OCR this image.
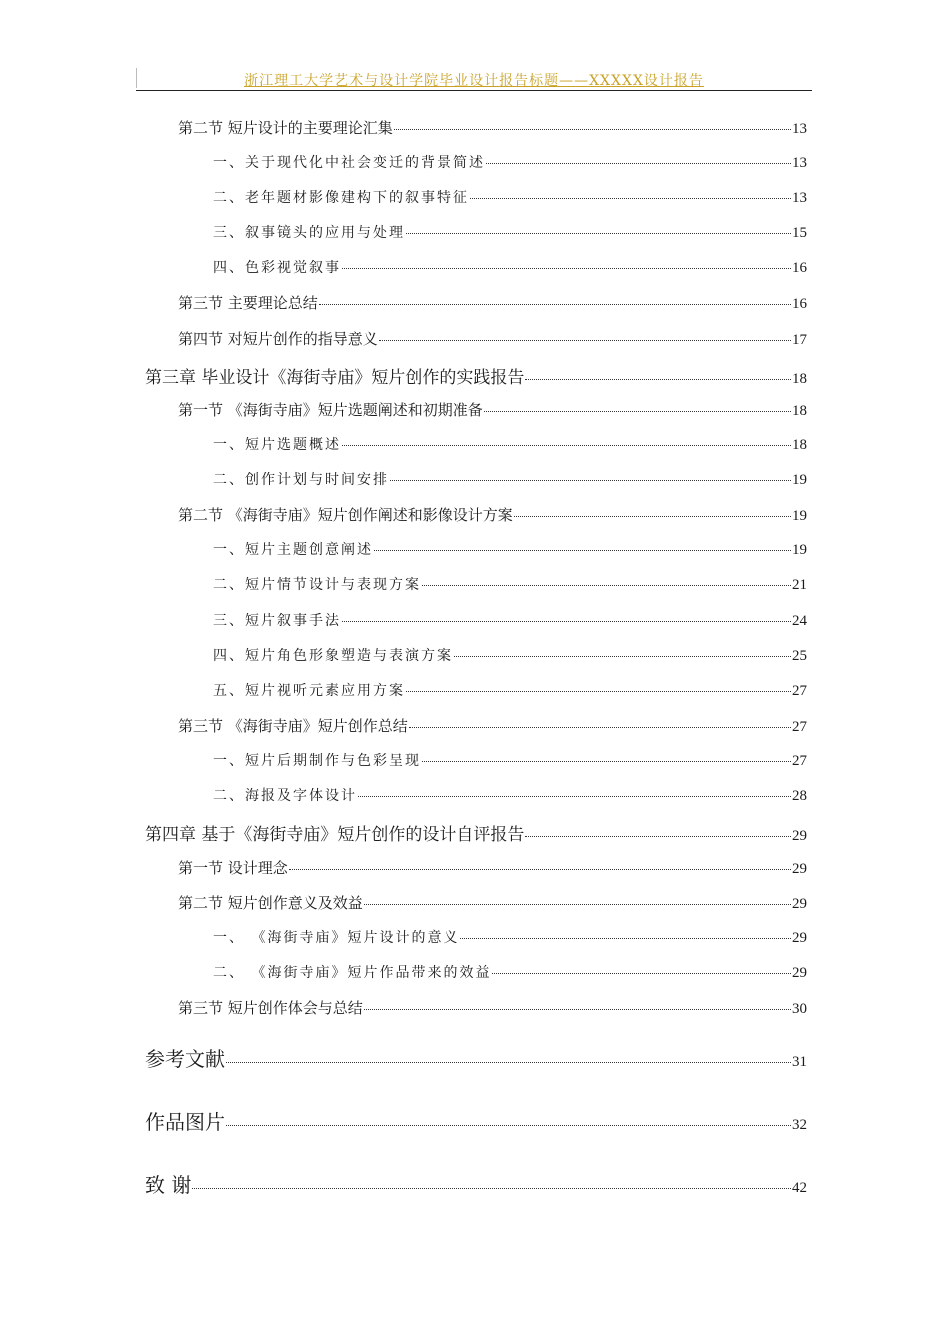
浙江理工大学艺术与设计学院毕业设计报告标题——XXXXX设计报告
第二节 短片设计的主要理论汇集	13
一、关于现代化中社会变迁的背景简述	13
二、老年题材影像建构下的叙事特征	13
三、叙事镜头的应用与处理	15
四、色彩视觉叙事	16
第三节 主要理论总结	16
第四节 对短片创作的指导意义	17
第三章 毕业设计《海街寺庙》短片创作的实践报告	18
第一节 《海街寺庙》短片选题阐述和初期准备	18
一、短片选题概述	18
二、创作计划与时间安排	19
第二节 《海街寺庙》短片创作阐述和影像设计方案	19
一、短片主题创意阐述	19
二、短片情节设计与表现方案	21
三、短片叙事手法	24
四、短片角色形象塑造与表演方案	25
五、短片视听元素应用方案	27
第三节 《海街寺庙》短片创作总结	27
一、短片后期制作与色彩呈现	27
二、海报及字体设计	28
第四章 基于《海街寺庙》短片创作的设计自评报告	29
第一节 设计理念	29
第二节 短片创作意义及效益	29
一、 《海街寺庙》短片设计的意义	29
二、 《海街寺庙》短片作品带来的效益	29
第三节 短片创作体会与总结	30
参考文献	31
作品图片	32
致 谢	42
